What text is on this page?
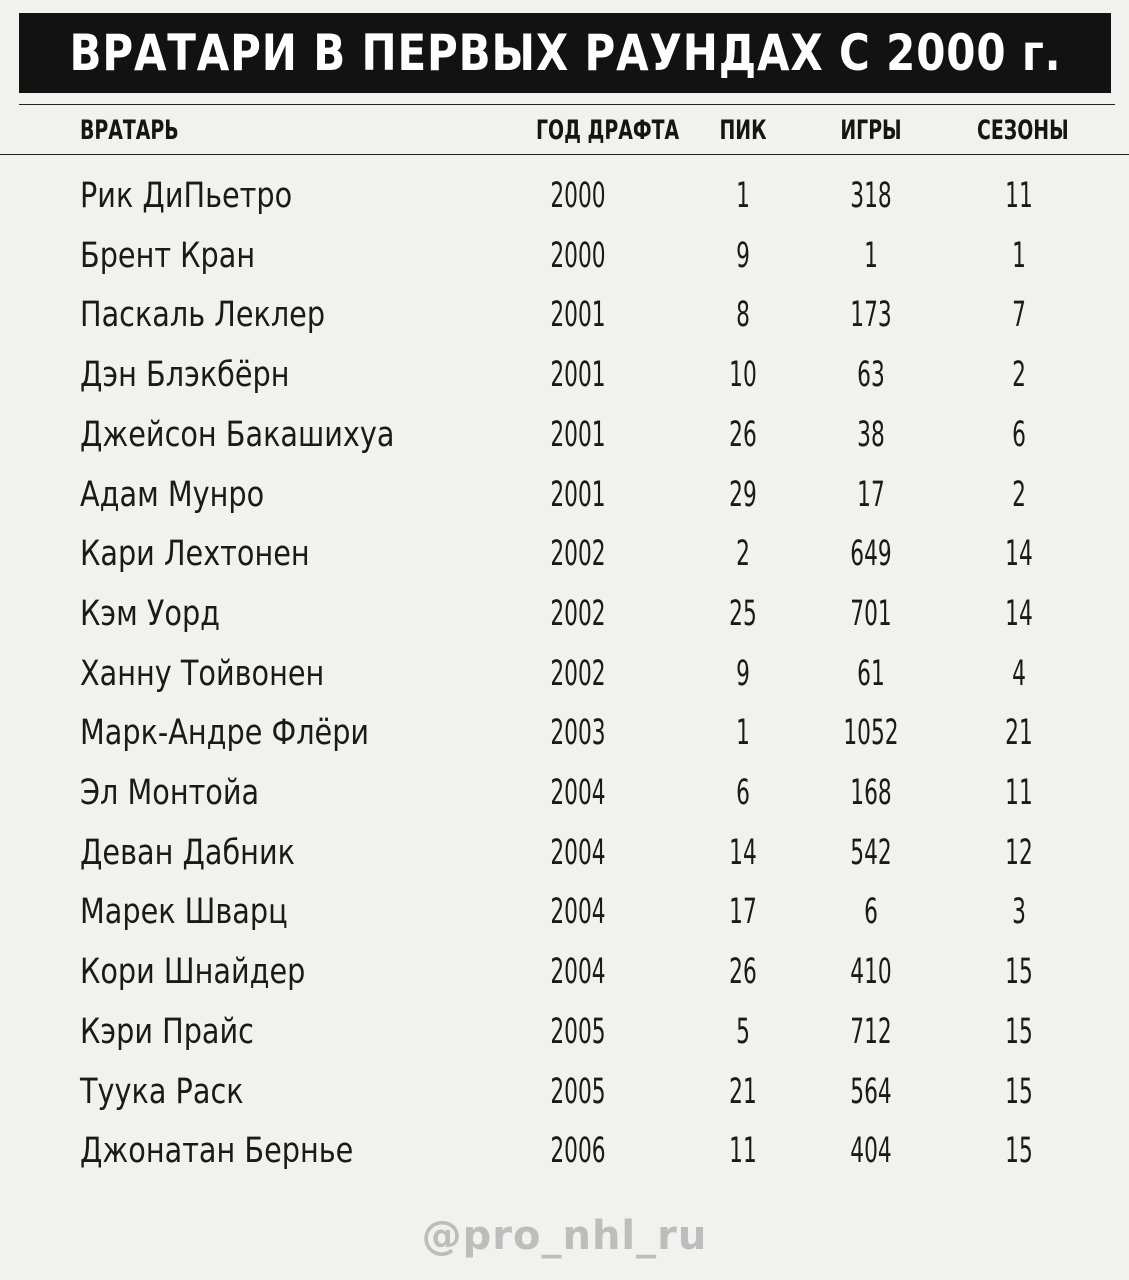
ВРАТАРИ В ПЕРВЫХ РАУНДАХ С 2000 г.
ВРАТАРЬ	ГОД ДРАФТА	ПИК	ИГРЫ	СЕЗОНЫ
Рик ДиПьетро	2000	1	318	11
Брент Кран	2000	9	1	1
Паскаль Леклер	2001	8	173	7
Дэн Блэкбёрн	2001	10	63	2
Джейсон Бакашихуа	2001	26	38	6
Адам Мунро	2001	29	17	2
Кари Лехтонен	2002	2	649	14
Кэм Уорд	2002	25	701	14
Ханну Тойвонен	2002	9	61	4
Марк-Андре Флёри	2003	1	1052	21
Эл Монтойа	2004	6	168	11
Деван Дабник	2004	14	542	12
Марек Шварц	2004	17	6	3
Кори Шнайдер	2004	26	410	15
Кэри Прайс	2005	5	712	15
Туука Раск	2005	21	564	15
Джонатан Бернье	2006	11	404	15
@pro_nhl_ru
